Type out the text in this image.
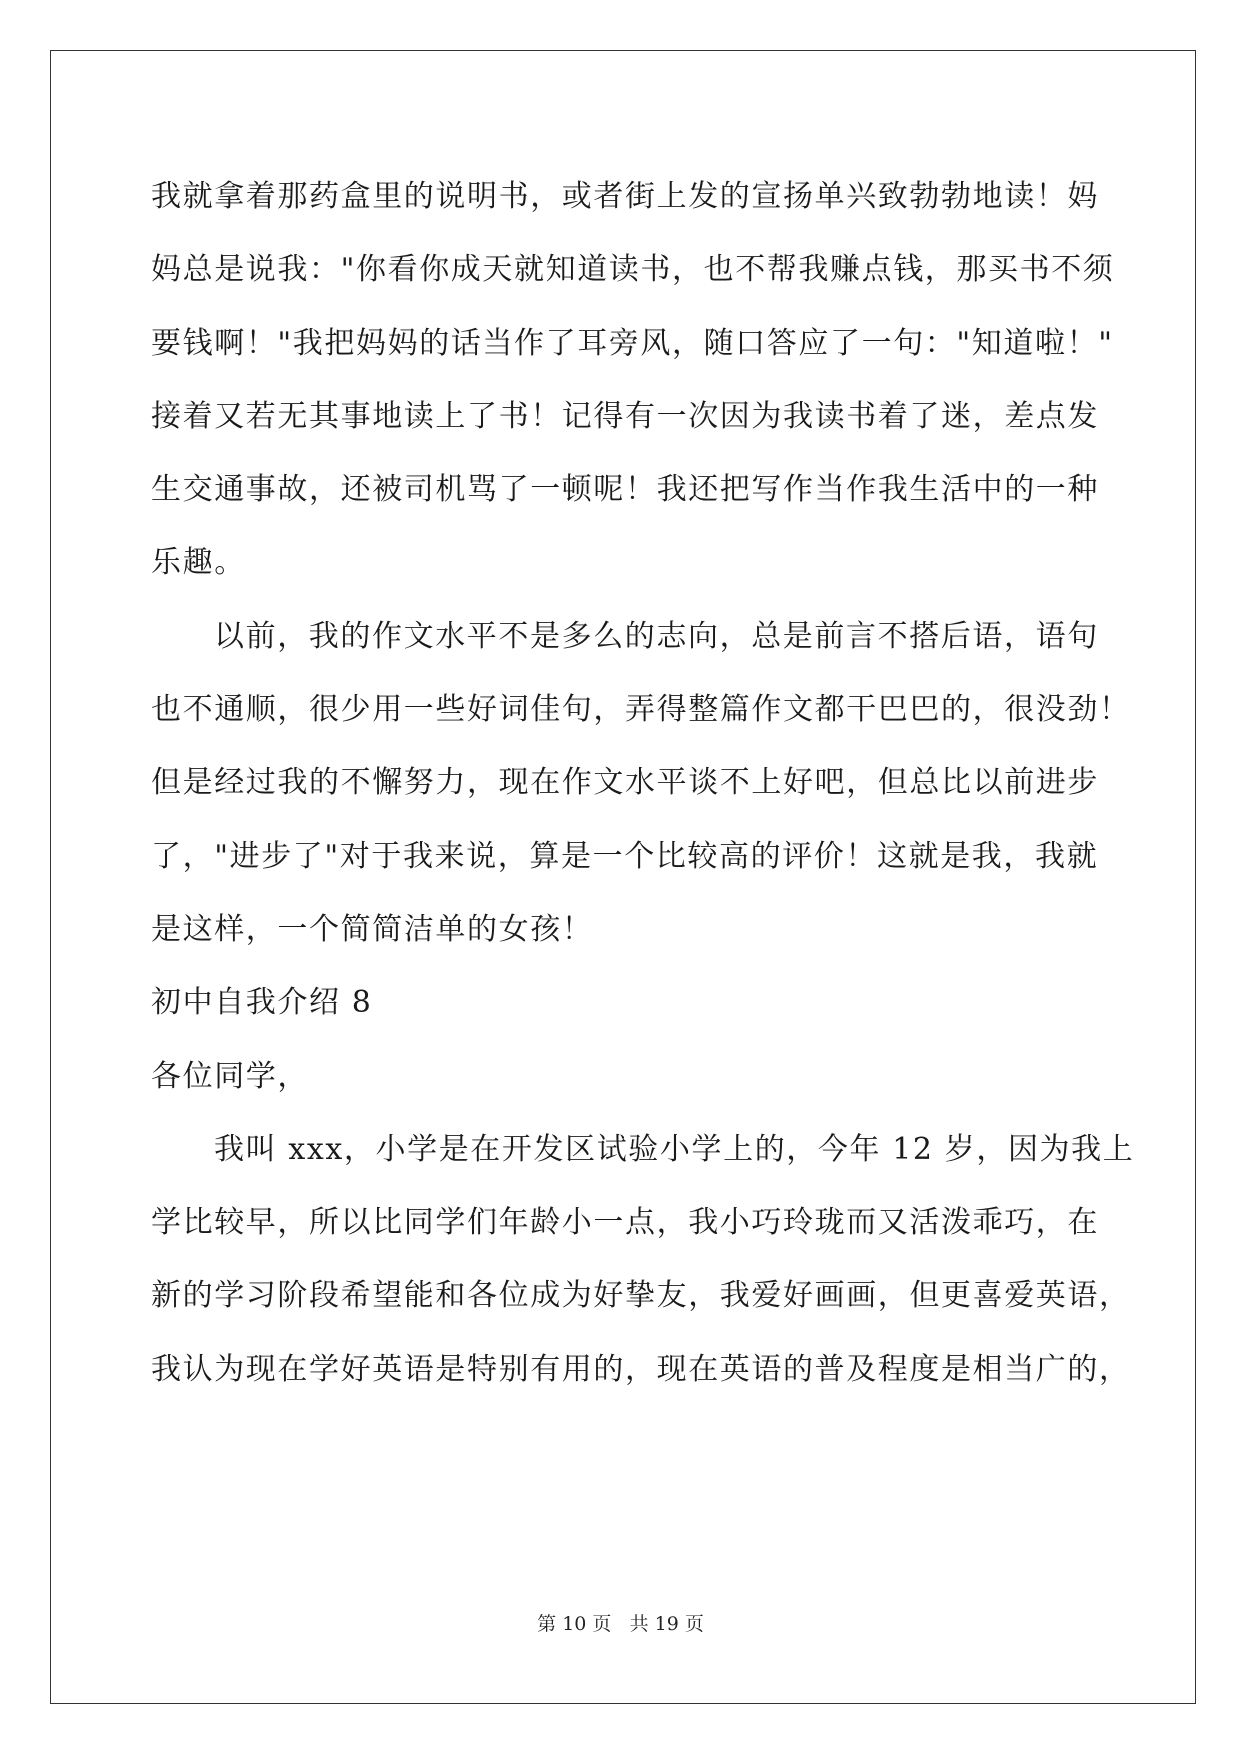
我就拿着那药盒里的说明书，或者街上发的宣扬单兴致勃勃地读！妈
妈总是说我："你看你成天就知道读书，也不帮我赚点钱，那买书不须
要钱啊！"我把妈妈的话当作了耳旁风，随口答应了一句："知道啦！"
接着又若无其事地读上了书！记得有一次因为我读书着了迷，差点发
生交通事故，还被司机骂了一顿呢！我还把写作当作我生活中的一种
乐趣。
以前，我的作文水平不是多么的志向，总是前言不搭后语，语句
也不通顺，很少用一些好词佳句，弄得整篇作文都干巴巴的，很没劲！
但是经过我的不懈努力，现在作文水平谈不上好吧，但总比以前进步
了，"进步了"对于我来说，算是一个比较高的评价！这就是我，我就
是这样，一个简简洁单的女孩！
初中自我介绍 8
各位同学，
我叫 xxx，小学是在开发区试验小学上的，今年 12 岁，因为我上
学比较早，所以比同学们年龄小一点，我小巧玲珑而又活泼乖巧，在
新的学习阶段希望能和各位成为好挚友，我爱好画画，但更喜爱英语，
我认为现在学好英语是特别有用的，现在英语的普及程度是相当广的，
第 10 页 共 19 页
